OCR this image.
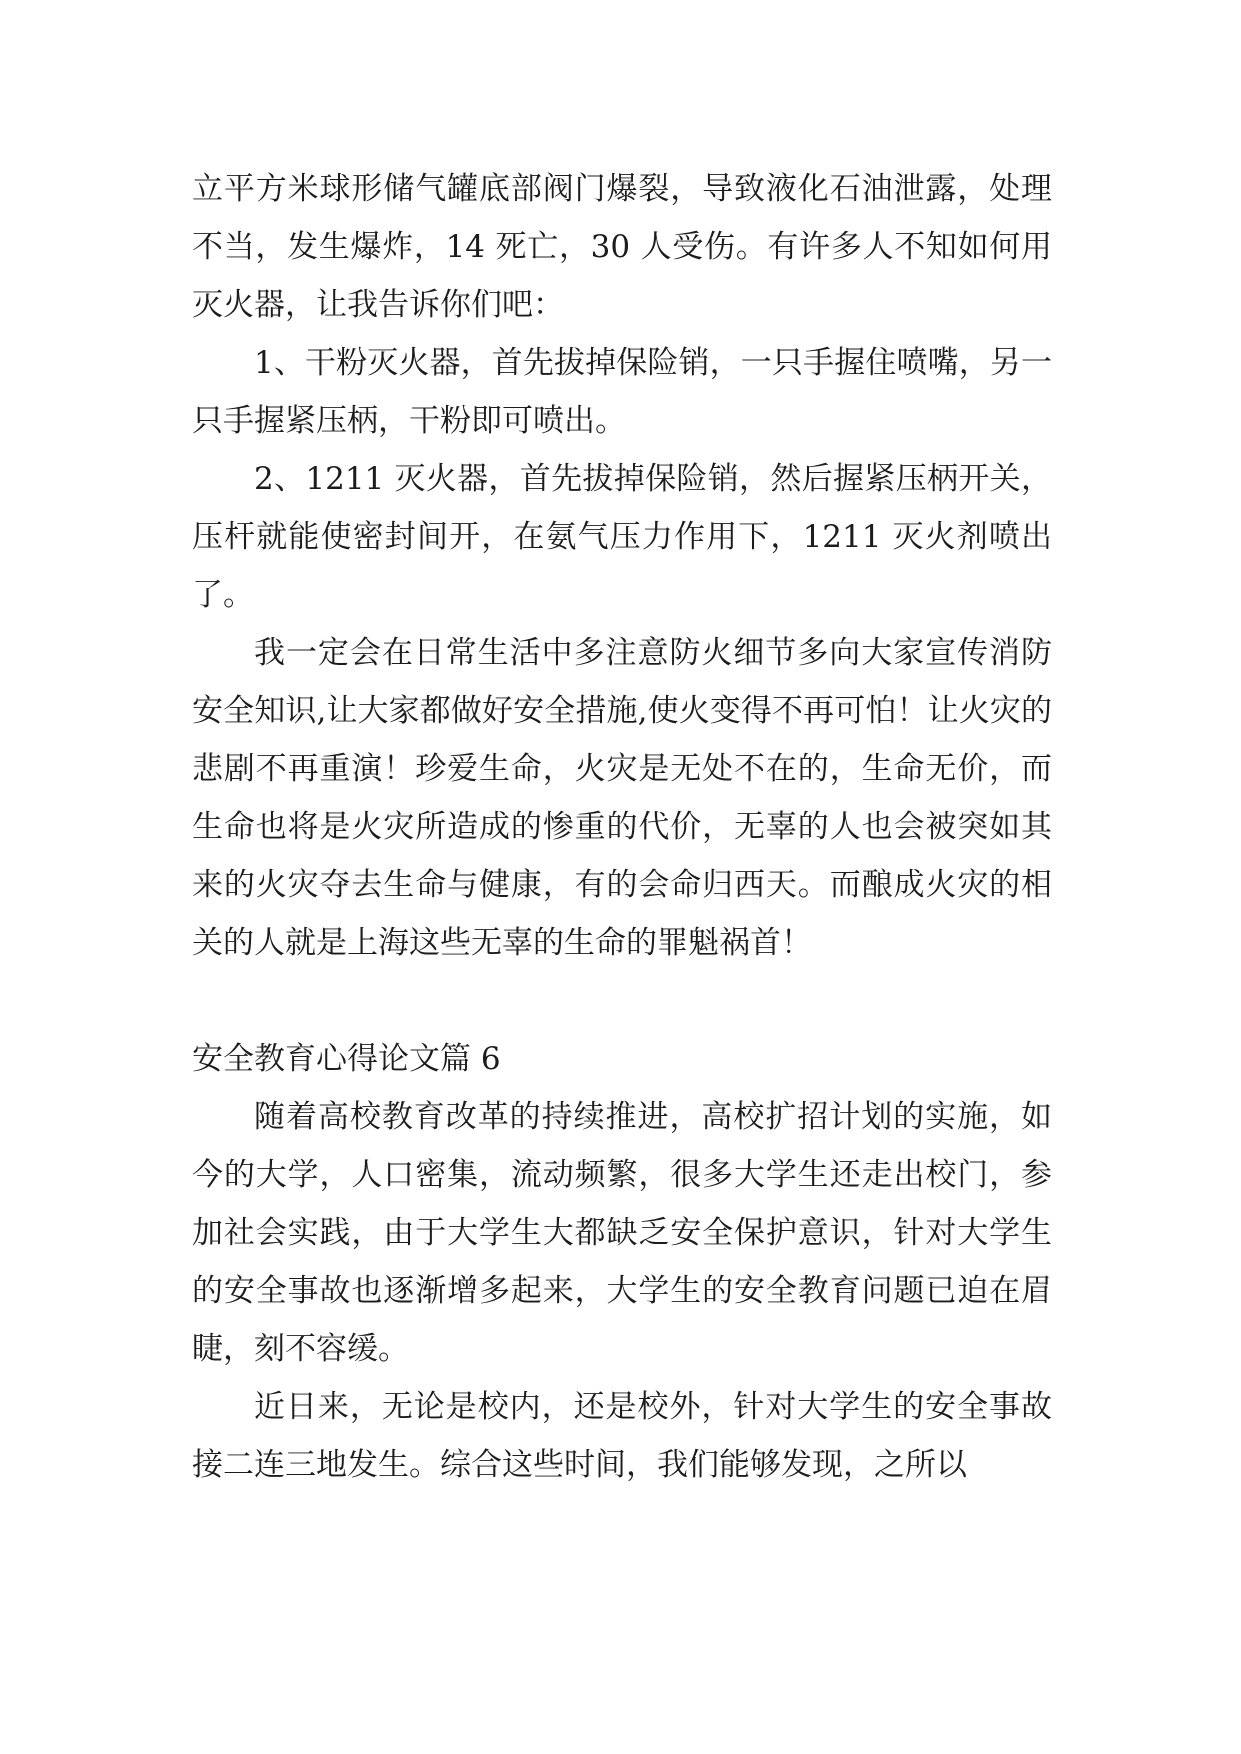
立平方米球形储气罐底部阀门爆裂，导致液化石油泄露，处理不当，发生爆炸，14 死亡，30 人受伤。有许多人不知如何用灭火器，让我告诉你们吧：

1、干粉灭火器，首先拔掉保险销，一只手握住喷嘴，另一只手握紧压柄，干粉即可喷出。

2、1211 灭火器，首先拔掉保险销，然后握紧压柄开关，压杆就能使密封间开，在氨气压力作用下，1211 灭火剂喷出了。

我一定会在日常生活中多注意防火细节多向大家宣传消防安全知识,让大家都做好安全措施,使火变得不再可怕！让火灾的悲剧不再重演！珍爱生命，火灾是无处不在的，生命无价，而生命也将是火灾所造成的惨重的代价，无辜的人也会被突如其来的火灾夺去生命与健康，有的会命归西天。而酿成火灾的相关的人就是上海这些无辜的生命的罪魁祸首！

安全教育心得论文篇 6

随着高校教育改革的持续推进，高校扩招计划的实施，如今的大学，人口密集，流动频繁，很多大学生还走出校门，参加社会实践，由于大学生大都缺乏安全保护意识，针对大学生的安全事故也逐渐增多起来，大学生的安全教育问题已迫在眉睫，刻不容缓。

近日来，无论是校内，还是校外，针对大学生的安全事故接二连三地发生。综合这些时间，我们能够发现，之所以
